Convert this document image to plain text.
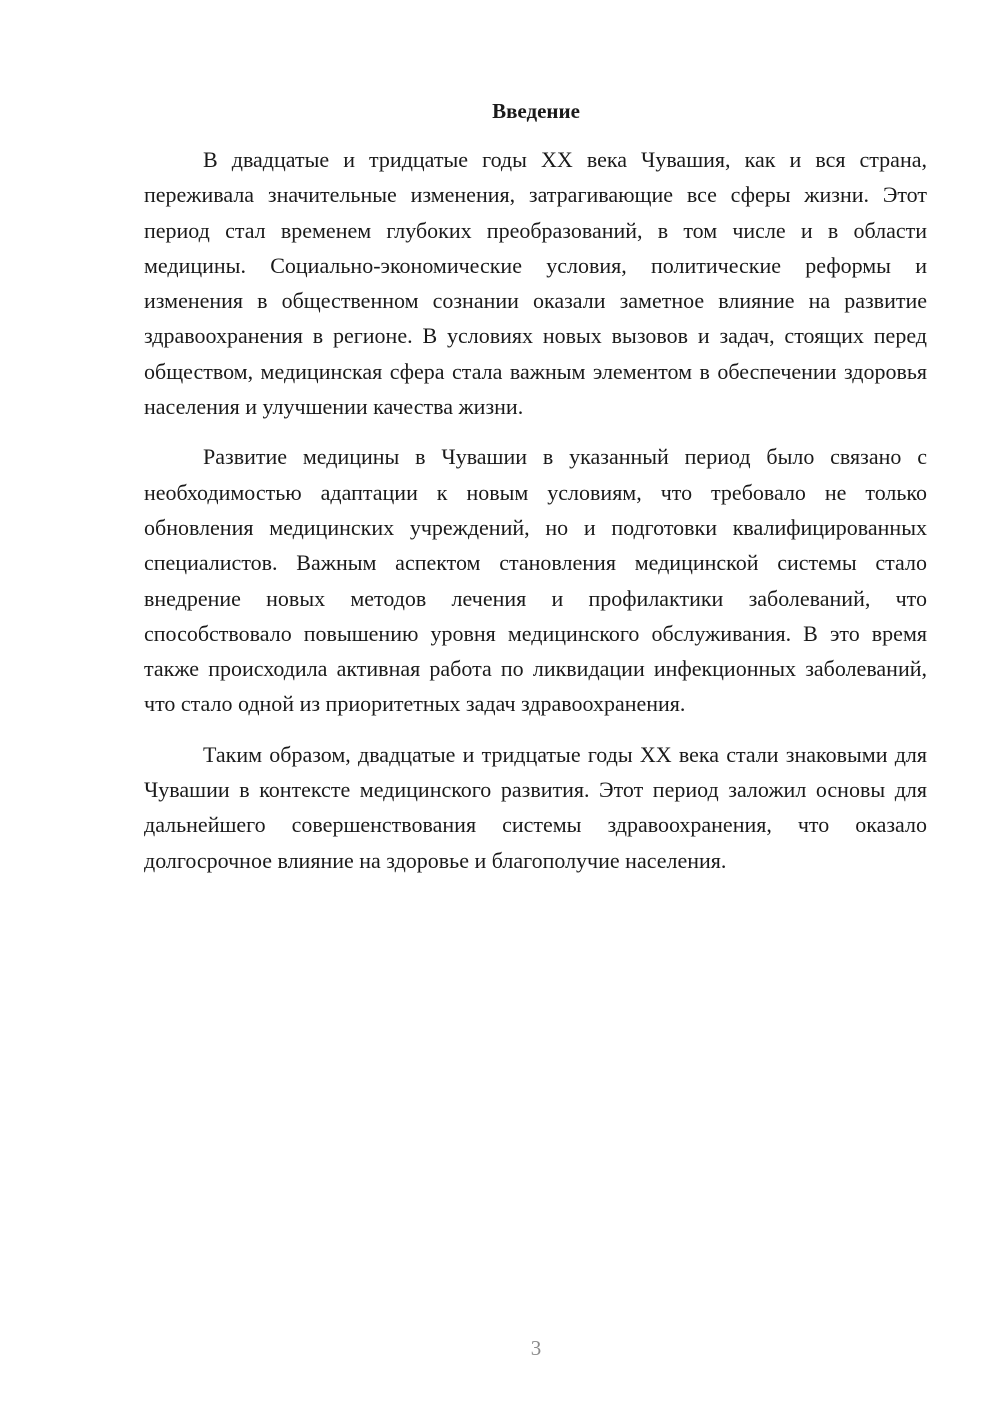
Введение

В двадцатые и тридцатые годы XX века Чувашия, как и вся страна, переживала значительные изменения, затрагивающие все сферы жизни. Этот период стал временем глубоких преобразований, в том числе и в области медицины. Социально-экономические условия, политические реформы и изменения в общественном сознании оказали заметное влияние на развитие здравоохранения в регионе. В условиях новых вызовов и задач, стоящих перед обществом, медицинская сфера стала важным элементом в обеспечении здоровья населения и улучшении качества жизни.

Развитие медицины в Чувашии в указанный период было связано с необходимостью адаптации к новым условиям, что требовало не только обновления медицинских учреждений, но и подготовки квалифицированных специалистов. Важным аспектом становления медицинской системы стало внедрение новых методов лечения и профилактики заболеваний, что способствовало повышению уровня медицинского обслуживания. В это время также происходила активная работа по ликвидации инфекционных заболеваний, что стало одной из приоритетных задач здравоохранения.

Таким образом, двадцатые и тридцатые годы XX века стали знаковыми для Чувашии в контексте медицинского развития. Этот период заложил основы для дальнейшего совершенствования системы здравоохранения, что оказало долгосрочное влияние на здоровье и благополучие населения.

3
